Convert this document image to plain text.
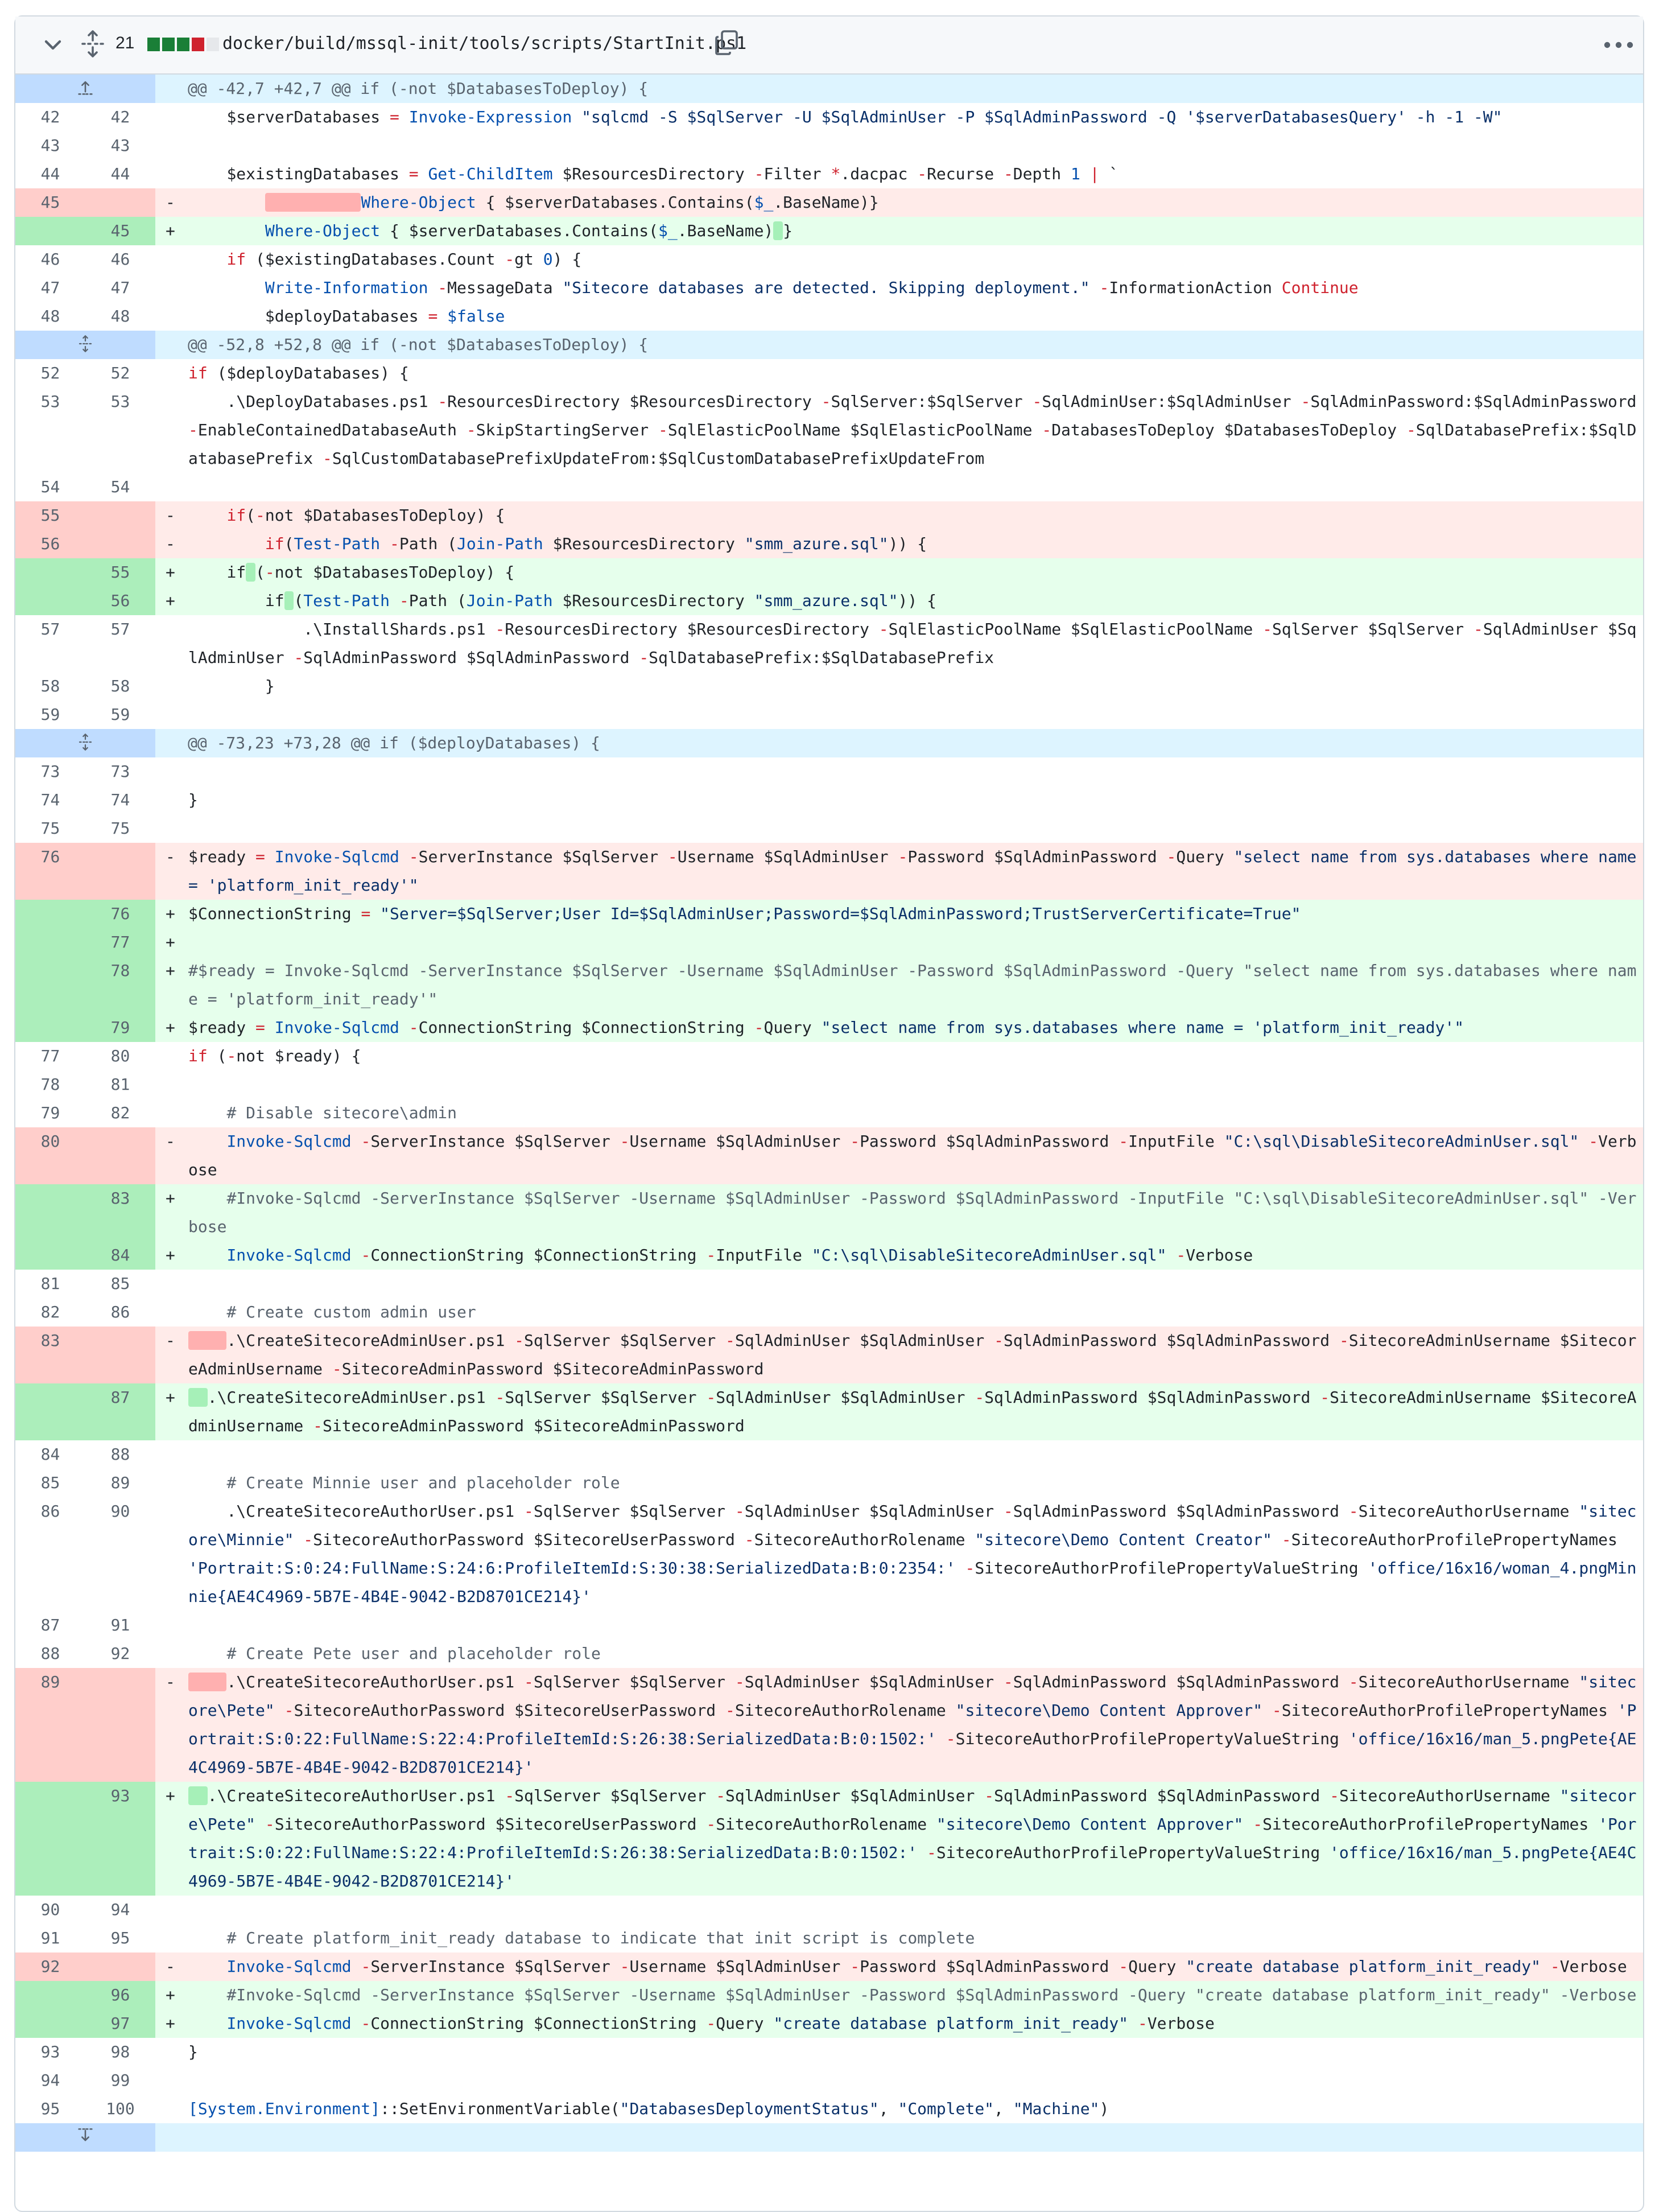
21	docker/build/mssql-init/tools/scripts/StartInit.ps1
@@ -42,7 +42,7 @@ if (-not $DatabasesToDeploy) {
42	42	$serverDatabases = Invoke-Expression "sqlcmd -S $SqlServer -U $SqlAdminUser -P $SqlAdminPassword -Q '$serverDatabasesQuery' -h -1 -W"
43	43

44	44	$existingDatabases = Get-ChildItem $ResourcesDirectory -Filter *.dacpac -Recurse -Depth 1 | `
45	-	Where-Object { $serverDatabases.Contains($_.BaseName)}
45	+	Where-Object { $serverDatabases.Contains($_.BaseName) }
46	46	if ($existingDatabases.Count -gt 0) {
47	47	Write-Information -MessageData "Sitecore databases are detected. Skipping deployment." -InformationAction Continue
48	48	$deployDatabases = $false
@@ -52,8 +52,8 @@ if (-not $DatabasesToDeploy) {
52	52	if ($deployDatabases) {
53	53	.\DeployDatabases.ps1 -ResourcesDirectory $ResourcesDirectory -SqlServer:$SqlServer -SqlAdminUser:$SqlAdminUser -SqlAdminPassword:$SqlAdminPassword -EnableContainedDatabaseAuth -SkipStartingServer -SqlElasticPoolName $SqlElasticPoolName -DatabasesToDeploy $DatabasesToDeploy -SqlDatabasePrefix:$SqlDatabasePrefix -SqlCustomDatabasePrefixUpdateFrom:$SqlCustomDatabasePrefixUpdateFrom
54	54

55	-	if(-not $DatabasesToDeploy) {
56	-	if(Test-Path -Path (Join-Path $ResourcesDirectory "smm_azure.sql")) {
55	+ if (-not $DatabasesToDeploy) {
56	+ if (Test-Path -Path (Join-Path $ResourcesDirectory "smm_azure.sql")) {
57	57	.\InstallShards.ps1 -ResourcesDirectory $ResourcesDirectory -SqlElasticPoolName $SqlElasticPoolName -SqlServer $SqlServer -SqlAdminUser $SqlAdminUser -SqlAdminPassword $SqlAdminPassword -SqlDatabasePrefix:$SqlDatabasePrefix
58	58	}
59	59

@@ -73,23 +73,28 @@ if ($deployDatabases) {
73	73

74	74	}
75	75

76	- $ready = Invoke-Sqlcmd -ServerInstance $SqlServer -Username $SqlAdminUser -Password $SqlAdminPassword -Query "select name from sys.databases where name = 'platform_init_ready'"
76	+ $ConnectionString = "Server=$SqlServer;User Id=$SqlAdminUser;Password=$SqlAdminPassword;TrustServerCertificate=True"
77	+

78	+ #$ready = Invoke-Sqlcmd -ServerInstance $SqlServer -Username $SqlAdminUser -Password $SqlAdminPassword -Query "select name from sys.databases where name = 'platform_init_ready'"
79	+ $ready = Invoke-Sqlcmd -ConnectionString $ConnectionString -Query "select name from sys.databases where name = 'platform_init_ready'"
77	80	if (-not $ready) {
78	81

79	82	# Disable sitecore\admin
80	-	Invoke-Sqlcmd -ServerInstance $SqlServer -Username $SqlAdminUser -Password $SqlAdminPassword -InputFile "C:\sql\DisableSitecoreAdminUser.sql" -Verbose
83	+	#Invoke-Sqlcmd -ServerInstance $SqlServer -Username $SqlAdminUser -Password $SqlAdminPassword -InputFile "C:\sql\DisableSitecoreAdminUser.sql" -Verbose
84	+	Invoke-Sqlcmd -ConnectionString $ConnectionString -InputFile "C:\sql\DisableSitecoreAdminUser.sql" -Verbose
81	85

82	86	# Create custom admin user
83	-	.\CreateSitecoreAdminUser.ps1 -SqlServer $SqlServer -SqlAdminUser $SqlAdminUser -SqlAdminPassword $SqlAdminPassword -SitecoreAdminUsername $SitecoreAdminUsername -SitecoreAdminPassword $SitecoreAdminPassword
87	+	.\CreateSitecoreAdminUser.ps1 -SqlServer $SqlServer -SqlAdminUser $SqlAdminUser -SqlAdminPassword $SqlAdminPassword -SitecoreAdminUsername $SitecoreAdminUsername -SitecoreAdminPassword $SitecoreAdminPassword
84	88

85	89	# Create Minnie user and placeholder role
86	90	.\CreateSitecoreAuthorUser.ps1 -SqlServer $SqlServer -SqlAdminUser $SqlAdminUser -SqlAdminPassword $SqlAdminPassword -SitecoreAuthorUsername "sitecore\Minnie" -SitecoreAuthorPassword $SitecoreUserPassword -SitecoreAuthorRolename "sitecore\Demo Content Creator" -SitecoreAuthorProfilePropertyNames 'Portrait:S:0:24:FullName:S:24:6:ProfileItemId:S:30:38:SerializedData:B:0:2354:' -SitecoreAuthorProfilePropertyValueString 'office/16x16/woman_4.pngMinnie{AE4C4969-5B7E-4B4E-9042-B2D8701CE214}'
87	91

88	92	# Create Pete user and placeholder role
89	-	.\CreateSitecoreAuthorUser.ps1 -SqlServer $SqlServer -SqlAdminUser $SqlAdminUser -SqlAdminPassword $SqlAdminPassword -SitecoreAuthorUsername "sitecore\Pete" -SitecoreAuthorPassword $SitecoreUserPassword -SitecoreAuthorRolename "sitecore\Demo Content Approver" -SitecoreAuthorProfilePropertyNames 'Portrait:S:0:22:FullName:S:22:4:ProfileItemId:S:26:38:SerializedData:B:0:1502:' -SitecoreAuthorProfilePropertyValueString 'office/16x16/man_5.pngPete{AE4C4969-5B7E-4B4E-9042-B2D8701CE214}'
93	+	.\CreateSitecoreAuthorUser.ps1 -SqlServer $SqlServer -SqlAdminUser $SqlAdminUser -SqlAdminPassword $SqlAdminPassword -SitecoreAuthorUsername "sitecore\Pete" -SitecoreAuthorPassword $SitecoreUserPassword -SitecoreAuthorRolename "sitecore\Demo Content Approver" -SitecoreAuthorProfilePropertyNames 'Portrait:S:0:22:FullName:S:22:4:ProfileItemId:S:26:38:SerializedData:B:0:1502:' -SitecoreAuthorProfilePropertyValueString 'office/16x16/man_5.pngPete{AE4C4969-5B7E-4B4E-9042-B2D8701CE214}'
90	94

91	95	# Create platform_init_ready database to indicate that init script is complete
92	-	Invoke-Sqlcmd -ServerInstance $SqlServer -Username $SqlAdminUser -Password $SqlAdminPassword -Query "create database platform_init_ready" -Verbose
96	+	#Invoke-Sqlcmd -ServerInstance $SqlServer -Username $SqlAdminUser -Password $SqlAdminPassword -Query "create database platform_init_ready" -Verbose
97	+	Invoke-Sqlcmd -ConnectionString $ConnectionString -Query "create database platform_init_ready" -Verbose
93	98	}
94	99

95	100	[System.Environment]::SetEnvironmentVariable("DatabasesDeploymentStatus", "Complete", "Machine")
